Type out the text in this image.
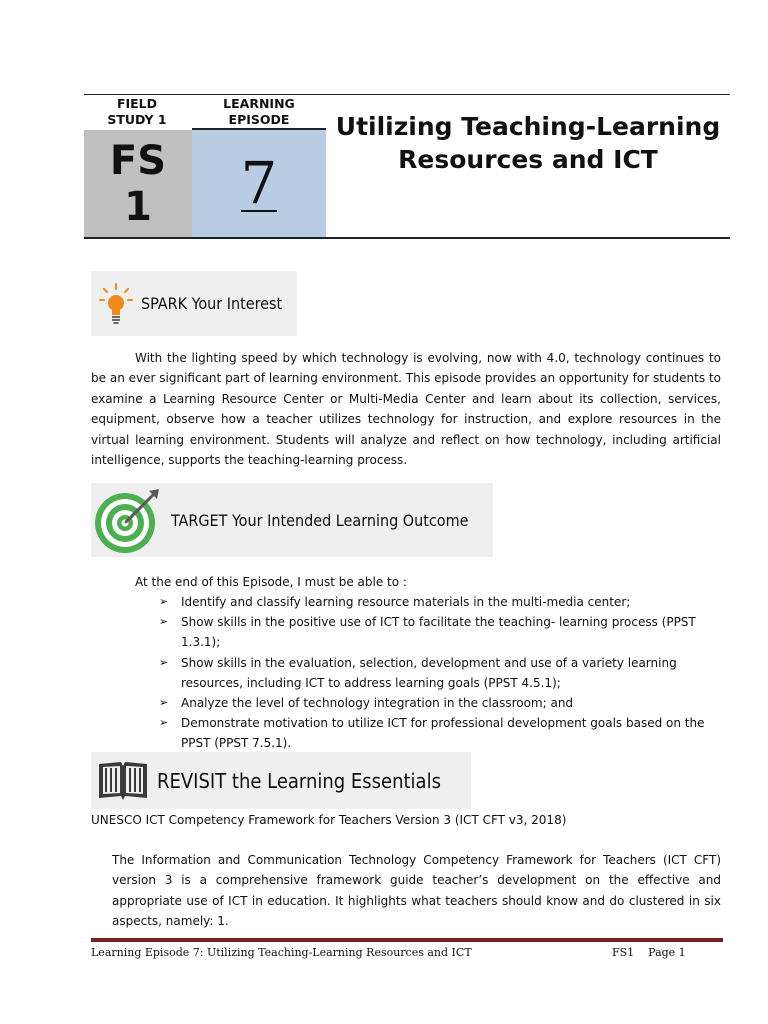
FIELD
STUDY 1
LEARNING
EPISODE
FS
1 7
Utilizing Teaching-Learning Resources and ICT
SPARK Your Interest

With the lighting speed by which technology is evolving, now with 4.0, technology continues to be an ever significant part of learning environment. This episode provides an opportunity for students to examine a Learning Resource Center or Multi-Media Center and learn about its collection, services, equipment, observe how a teacher utilizes technology for instruction, and explore resources in the virtual learning environment. Students will analyze and reflect on how technology, including artificial intelligence, supports the teaching-learning process.

TARGET Your Intended Learning Outcome
At the end of this Episode, I must be able to :
➢ Identify and classify learning resource materials in the multi-media center;
➢ Show skills in the positive use of ICT to facilitate the teaching- learning process (PPST 1.3.1);
➢ Show skills in the evaluation, selection, development and use of a variety learning resources, including ICT to address learning goals (PPST 4.5.1);
➢ Analyze the level of technology integration in the classroom; and
➢ Demonstrate motivation to utilize ICT for professional development goals based on the PPST (PPST 7.5.1).
REVISIT the Learning Essentials
UNESCO ICT Competency Framework for Teachers Version 3 (ICT CFT v3, 2018)

The Information and Communication Technology Competency Framework for Teachers (ICT CFT) version 3 is a comprehensive framework guide teacher’s development on the effective and appropriate use of ICT in education. It highlights what teachers should know and do clustered in six aspects, namely: 1.

Learning Episode 7: Utilizing Teaching-Learning Resources and ICT	FS1 Page 1
